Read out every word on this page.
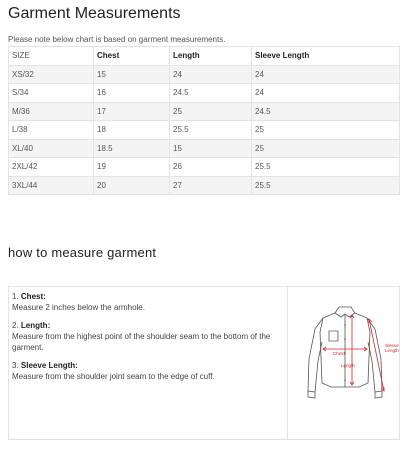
Garment Measurements
Please note below chart is based on garment measurements.
SIZE	Chest	Length	Sleeve Length
XS/32	15	24	24
S/34	16	24.5	24
M/36	17	25	24.5
L/38	18	25.5	25
XL/40	18.5	15	25
2XL/42	19	26	25.5
3XL/44	20	27	25.5
how to measure garment
1. Chest:
Measure 2 inches below the armhole.
2. Length:
Measure from the highest point of the shoulder seam to the bottom of the garment.
3. Sleeve Length:
Measure from the shoulder joint seam to the edge of cuff.
Chest
Length
Sleeve
Length
